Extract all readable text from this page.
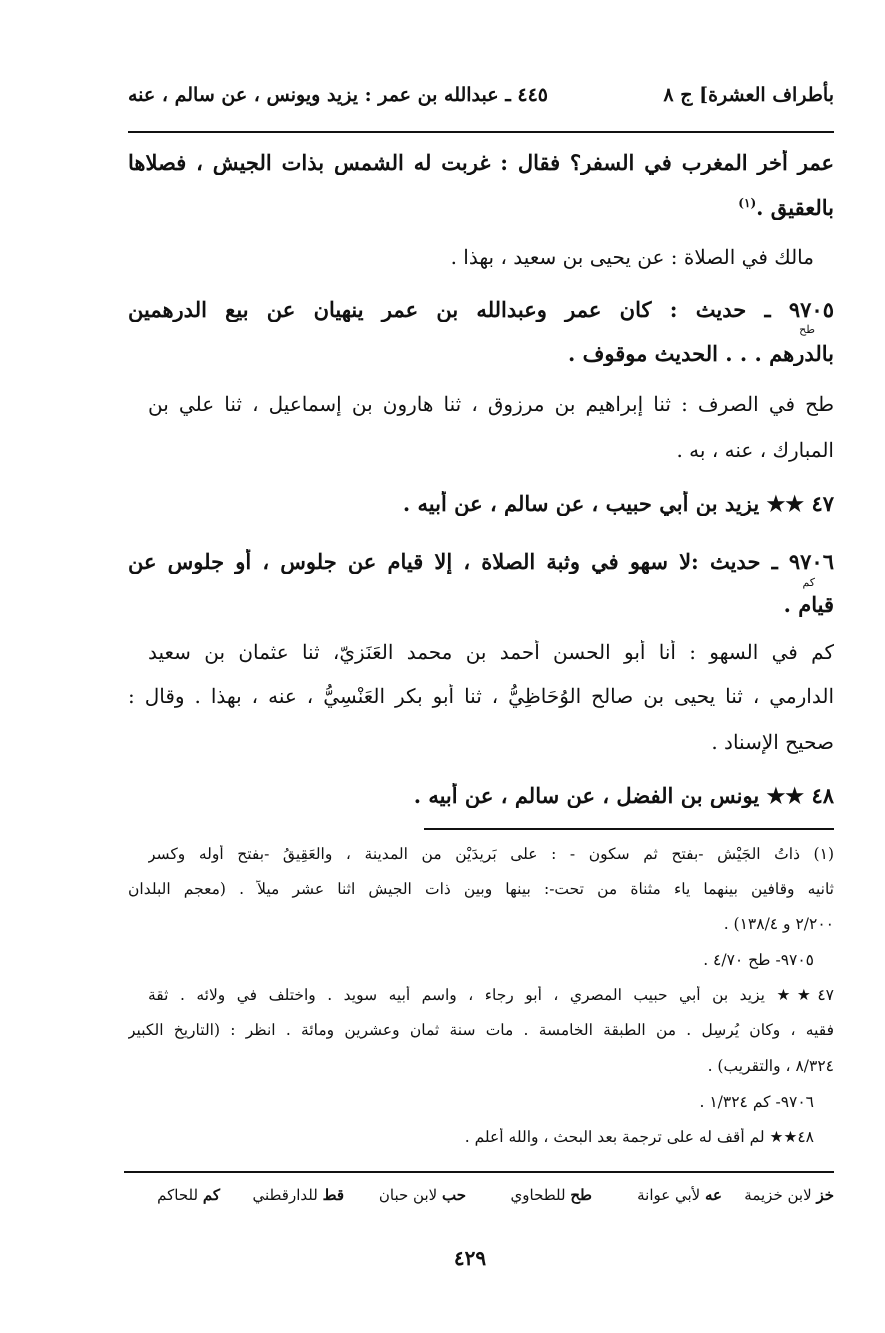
بأطراف العشرة] ج ٨
٤٤٥ ـ عبدالله بن عمر : يزيد ويونس ، عن سالم ، عنه
عمر أخر المغرب في السفر؟ فقال : غربت له الشمس بذات الجيش ، فصلاها
بالعقيق .$^{(١)}$
مالك في الصلاة : عن يحيى بن سعيد ، بهذا .
٩٧٠٥ ـ حديث : كان عمر وعبدالله بن عمر ينهيان عن بيع الدرهمين
طح
بالدرهم . . . الحديث موقوف .
طح في الصرف : ثنا إبراهيم بن مرزوق ، ثنا هارون بن إسماعيل ، ثنا علي بن
المبارك ، عنه ، به .
٤٧ ★★ يزيد بن أبي حبيب ، عن سالم ، عن أبيه .
٩٧٠٦ ـ حديث :لا سهو في وثبة الصلاة ، إلا قيام عن جلوس ، أو جلوس عن
كم
قيام .
كم في السهو : أنا أبو الحسن أحمد بن محمد العَنَزِيّ، ثنا عثمان بن سعيد
الدارمي ، ثنا يحيى بن صالح الوُحَاظِيُّ ، ثنا أبو بكر العَنْسِيُّ ، عنه ، بهذا . وقال :
صحيح الإسناد .
٤٨ ★★ يونس بن الفضل ، عن سالم ، عن أبيه .
(١) ذاتُ الجَيْشِ -بفتح ثم سكون - : على بَرِيدَيْن من المدينة ، والعَقِيقُ -بفتح أوله وكسر
ثانيه وقافين بينهما ياء مثناة من تحت-: بينها وبين ذات الجيش اثنا عشر ميلاً . (معجم البلدان
٢/٢٠٠ و ١٣٨/٤) .
٩٧٠٥- طح ٤/٧٠ .
٤٧★★ يزيد بن أبي حبيب المصري ، أبو رجاء ، واسم أبيه سويد . واختلف في ولائه . ثقة
فقيه ، وكان يُرسِل . من الطبقة الخامسة . مات سنة ثمان وعشرين ومائة . انظر : (التاريخ الكبير
٨/٣٢٤ ، والتقريب) .
٩٧٠٦- كم ١/٣٢٤ .
٤٨★★ لم أقف له على ترجمة بعد البحث ، والله أعلم .
خز لابن خزيمة
عه لأبي عوانة
طح للطحاوي
حب لابن حبان
قط للدارقطني
كم للحاكم
٤٢٩
